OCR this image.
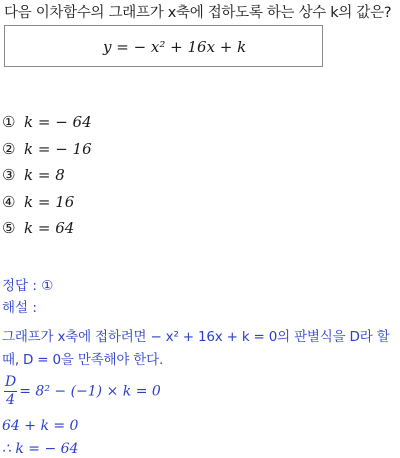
다음 이차함수의 그래프가 x축에 접하도록 하는 상수 k의 값은?
y = − x² + 16x + k
① k = − 64
② k = − 16
③ k = 8
④ k = 16
⑤ k = 64
정답 : ①
해설 :
그래프가 x축에 접하려면 − x² + 16x + k = 0의 판별식을 D라 할
때, D = 0을 만족해야 한다.
$\frac{D}{4} = 8^2 - (-1) \times k = 0$
64 + k = 0
∴ k = − 64
